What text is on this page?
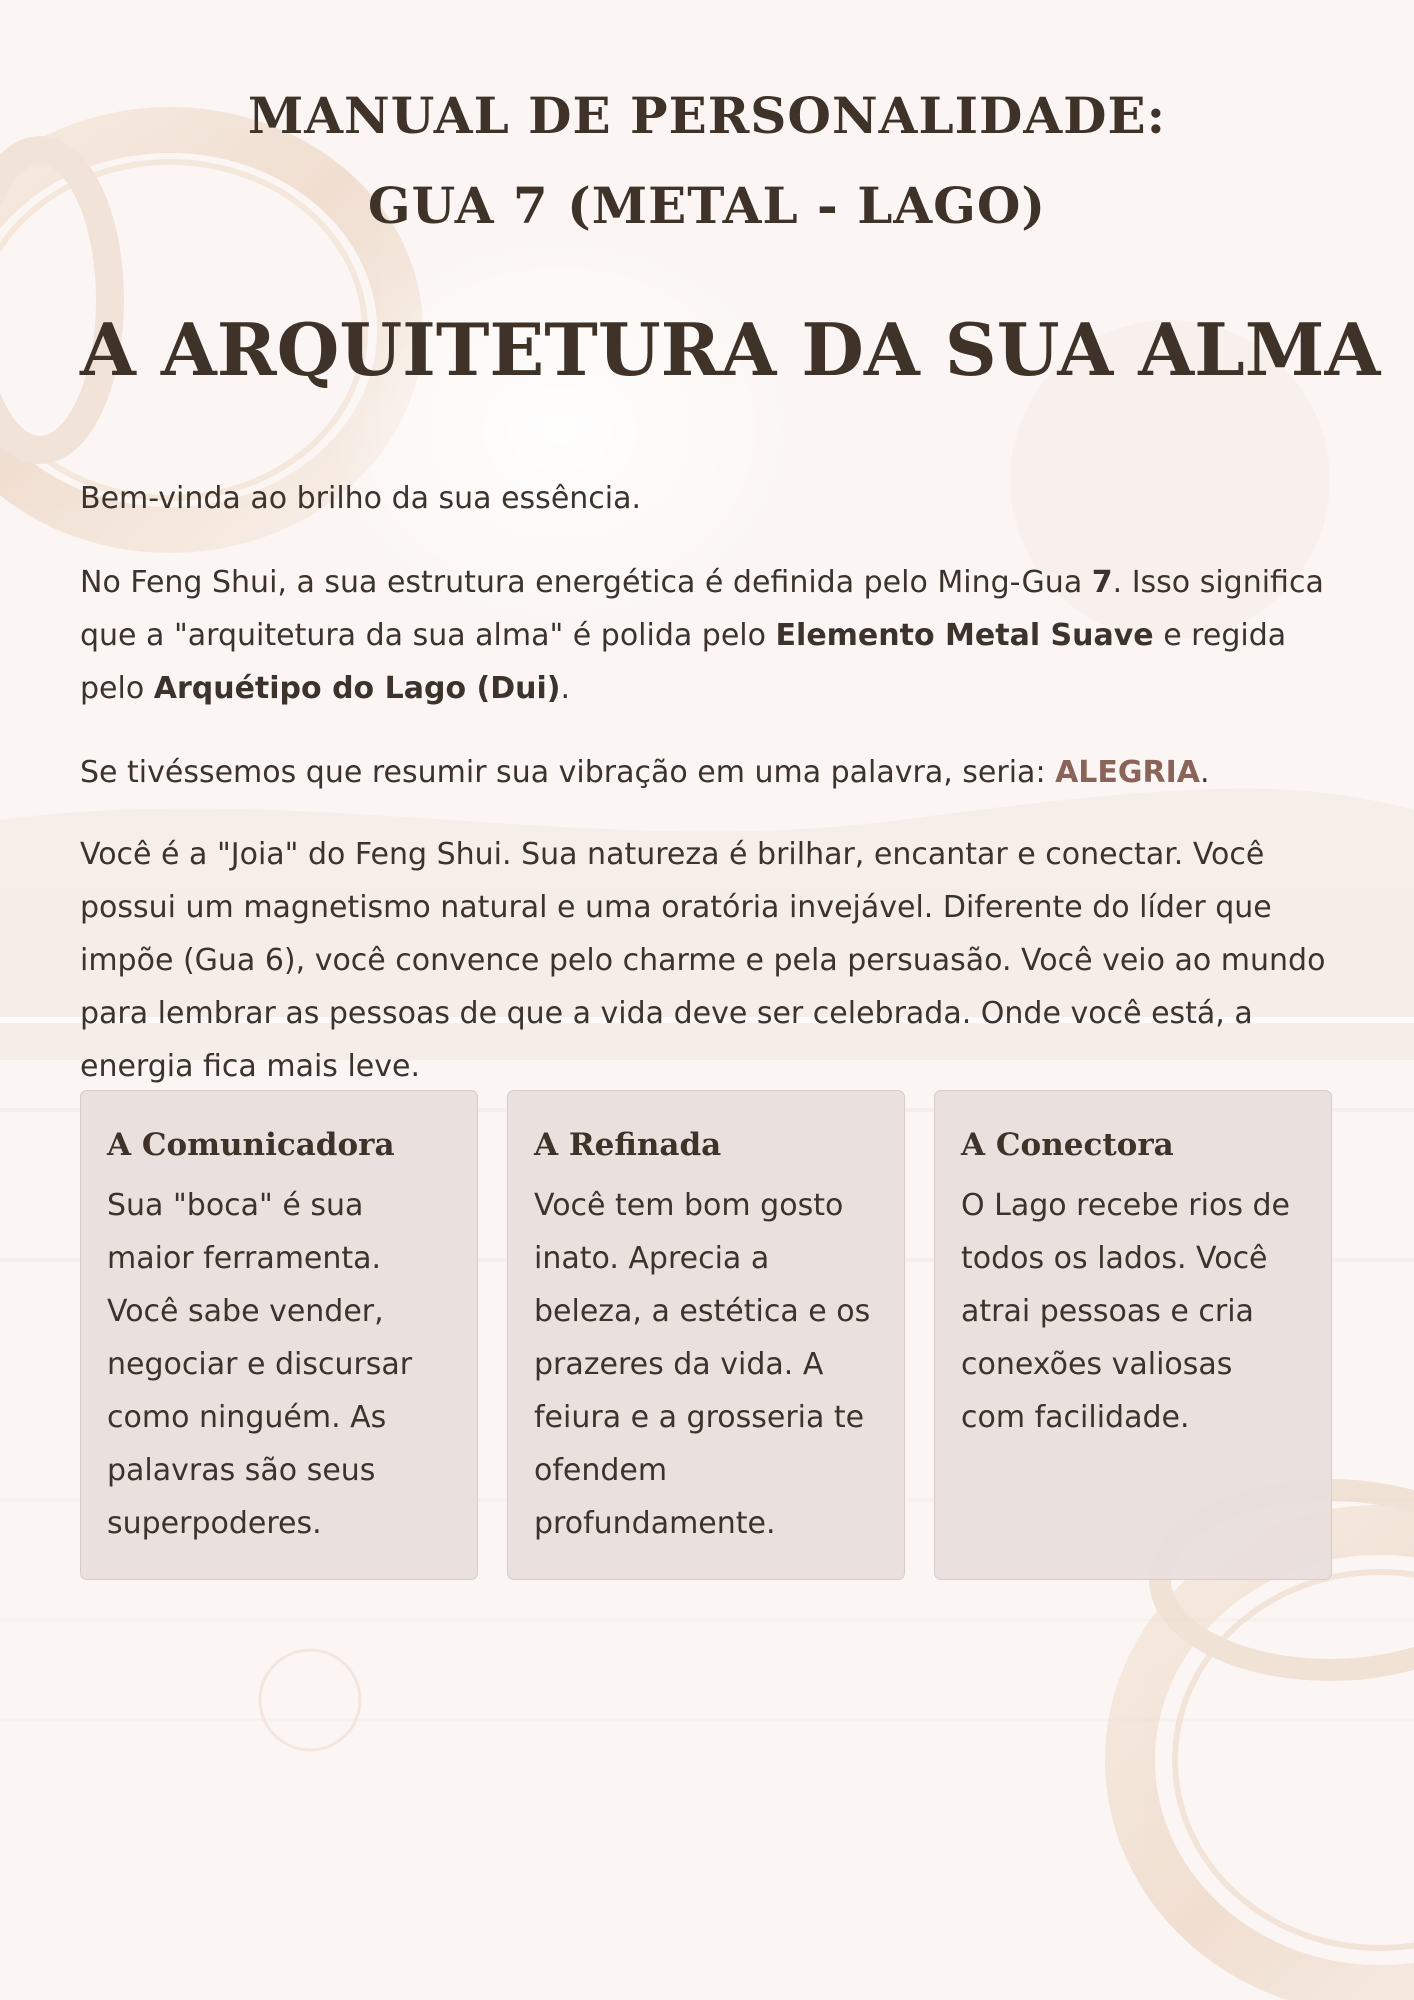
MANUAL DE PERSONALIDADE:
GUA 7 (METAL - LAGO)
A ARQUITETURA DA SUA ALMA

Bem-vinda ao brilho da sua essência.

No Feng Shui, a sua estrutura energética é definida pelo Ming-Gua 7. Isso significa que a "arquitetura da sua alma" é polida pelo Elemento Metal Suave e regida pelo Arquétipo do Lago (Dui).

Se tivéssemos que resumir sua vibração em uma palavra, seria: ALEGRIA.

Você é a "Joia" do Feng Shui. Sua natureza é brilhar, encantar e conectar. Você possui um magnetismo natural e uma oratória invejável. Diferente do líder que impõe (Gua 6), você convence pelo charme e pela persuasão. Você veio ao mundo para lembrar as pessoas de que a vida deve ser celebrada. Onde você está, a energia fica mais leve.

A Comunicadora

Sua "boca" é sua maior ferramenta. Você sabe vender, negociar e discursar como ninguém. As palavras são seus superpoderes.

A Refinada

Você tem bom gosto inato. Aprecia a beleza, a estética e os prazeres da vida. A feiura e a grosseria te ofendem profundamente.

A Conectora

O Lago recebe rios de todos os lados. Você atrai pessoas e cria conexões valiosas com facilidade.
